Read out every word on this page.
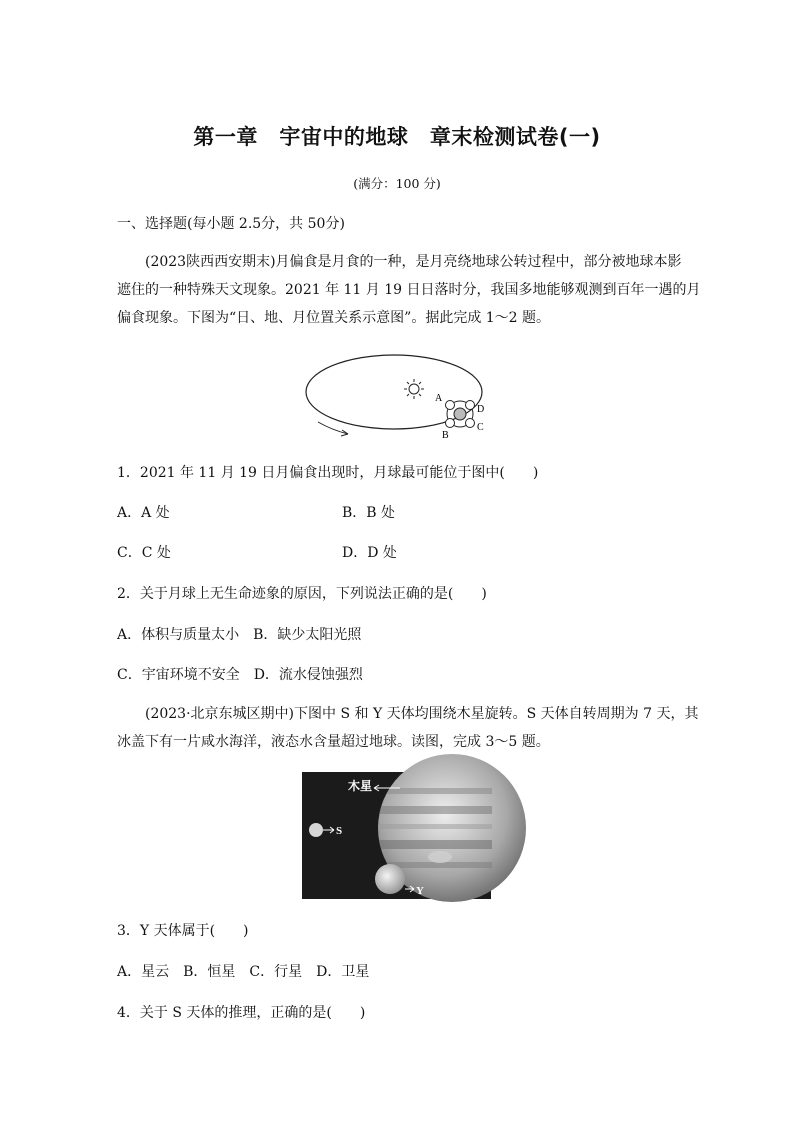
第一章　宇宙中的地球　章末检测试卷(一)
(满分：100 分)
一、选择题(每小题 2.5分，共 50分)
(2023陕西西安期末)月偏食是月食的一种，是月亮绕地球公转过程中，部分被地球本影
遮住的一种特殊天文现象。2021 年 11 月 19 日日落时分，我国多地能够观测到百年一遇的月
偏食现象。下图为“日、地、月位置关系示意图”。据此完成 1～2 题。
A
D
B
C
1．2021 年 11 月 19 日月偏食出现时，月球最可能位于图中(　　)
A．A 处	B．B 处
C．C 处	D．D 处
2．关于月球上无生命迹象的原因，下列说法正确的是(　　)
A．体积与质量太小　B．缺少太阳光照
C．宇宙环境不安全　D．流水侵蚀强烈
(2023·北京东城区期中)下图中 S 和 Y 天体均围绕木星旋转。S 天体自转周期为 7 天，其
冰盖下有一片咸水海洋，液态水含量超过地球。读图，完成 3～5 题。
木星
S
Y
3．Y 天体属于(　　)
A．星云　B．恒星　C．行星　D．卫星
4．关于 S 天体的推理，正确的是(　　)
